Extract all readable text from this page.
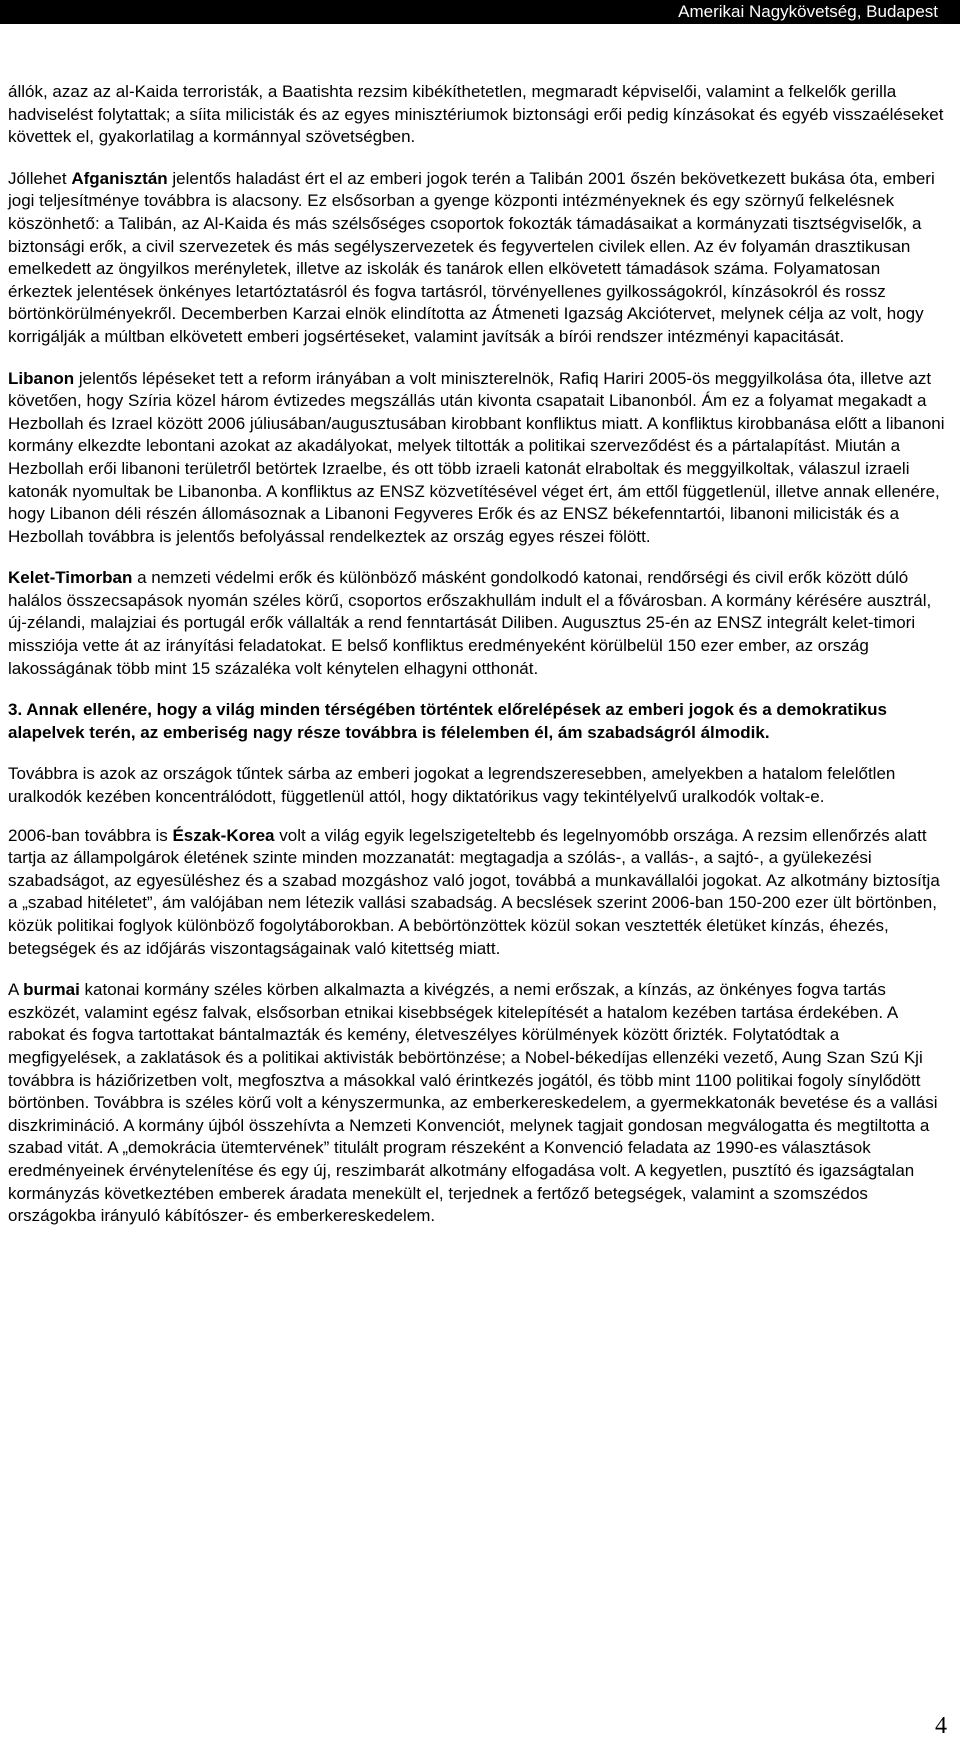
Amerikai Nagykövetség, Budapest

állók, azaz az al-Kaida terroristák, a Baatishta rezsim kibékíthetetlen, megmaradt képviselői, valamint a felkelők gerilla hadviselést folytattak; a síita milicisták és az egyes minisztériumok biztonsági erői pedig kínzásokat és egyéb visszaéléseket követtek el, gyakorlatilag a kormánnyal szövetségben.

Jóllehet Afganisztán jelentős haladást ért el az emberi jogok terén a Talibán 2001 őszén bekövetkezett bukása óta, emberi jogi teljesítménye továbbra is alacsony. Ez elsősorban a gyenge központi intézményeknek és egy szörnyű felkelésnek köszönhető: a Talibán, az Al-Kaida és más szélsőséges csoportok fokozták támadásaikat a kormányzati tisztségviselők, a biztonsági erők, a civil szervezetek és más segélyszervezetek és fegyvertelen civilek ellen. Az év folyamán drasztikusan emelkedett az öngyilkos merényletek, illetve az iskolák és tanárok ellen elkövetett támadások száma. Folyamatosan érkeztek jelentések önkényes letartóztatásról és fogva tartásról, törvényellenes gyilkosságokról, kínzásokról és rossz börtönkörülményekről. Decemberben Karzai elnök elindította az Átmeneti Igazság Akciótervet, melynek célja az volt, hogy korrigálják a múltban elkövetett emberi jogsértéseket, valamint javítsák a bírói rendszer intézményi kapacitását.

Libanon jelentős lépéseket tett a reform irányában a volt miniszterelnök, Rafiq Hariri 2005-ös meggyilkolása óta, illetve azt követően, hogy Szíria közel három évtizedes megszállás után kivonta csapatait Libanonból. Ám ez a folyamat megakadt a Hezbollah és Izrael között 2006 júliusában/augusztusában kirobbant konfliktus miatt. A konfliktus kirobbanása előtt a libanoni kormány elkezdte lebontani azokat az akadályokat, melyek tiltották a politikai szerveződést és a pártalapítást. Miután a Hezbollah erői libanoni területről betörtek Izraelbe, és ott több izraeli katonát elraboltak és meggyilkoltak, válaszul izraeli katonák nyomultak be Libanonba. A konfliktus az ENSZ közvetítésével véget ért, ám ettől függetlenül, illetve annak ellenére, hogy Libanon déli részén állomásoznak a Libanoni Fegyveres Erők és az ENSZ békefenntartói, libanoni milicisták és a Hezbollah továbbra is jelentős befolyással rendelkeztek az ország egyes részei fölött.

Kelet-Timorban a nemzeti védelmi erők és különböző másként gondolkodó katonai, rendőrségi és civil erők között dúló halálos összecsapások nyomán széles körű, csoportos erőszakhullám indult el a fővárosban. A kormány kérésére ausztrál, új-zélandi, malajziai és portugál erők vállalták a rend fenntartását Diliben. Augusztus 25-én az ENSZ integrált kelet-timori missziója vette át az irányítási feladatokat. E belső konfliktus eredményeként körülbelül 150 ezer ember, az ország lakosságának több mint 15 százaléka volt kénytelen elhagyni otthonát.

3. Annak ellenére, hogy a világ minden térségében történtek előrelépések az emberi jogok és a demokratikus alapelvek terén, az emberiség nagy része továbbra is félelemben él, ám szabadságról álmodik.

Továbbra is azok az országok tűntek sárba az emberi jogokat a legrendszeresebben, amelyekben a hatalom felelőtlen uralkodók kezében koncentrálódott, függetlenül attól, hogy diktatórikus vagy tekintélyelvű uralkodók voltak-e.

2006-ban továbbra is Észak-Korea volt a világ egyik legelszigeteltebb és legelnyomóbb országa. A rezsim ellenőrzés alatt tartja az állampolgárok életének szinte minden mozzanatát: megtagadja a szólás-, a vallás-, a sajtó-, a gyülekezési szabadságot, az egyesüléshez és a szabad mozgáshoz való jogot, továbbá a munkavállalói jogokat. Az alkotmány biztosítja a „szabad hitéletet”, ám valójában nem létezik vallási szabadság. A becslések szerint 2006-ban 150-200 ezer ült börtönben, közük politikai foglyok különböző fogolytáborokban. A bebörtönzöttek közül sokan vesztették életüket kínzás, éhezés, betegségek és az időjárás viszontagságainak való kitettség miatt.

A burmai katonai kormány széles körben alkalmazta a kivégzés, a nemi erőszak, a kínzás, az önkényes fogva tartás eszközét, valamint egész falvak, elsősorban etnikai kisebbségek kitelepítését a hatalom kezében tartása érdekében. A rabokat és fogva tartottakat bántalmazták és kemény, életveszélyes körülmények között őrizték. Folytatódtak a megfigyelések, a zaklatások és a politikai aktivisták bebörtönzése; a Nobel-békedíjas ellenzéki vezető, Aung Szan Szú Kji továbbra is háziőrizetben volt, megfosztva a másokkal való érintkezés jogától, és több mint 1100 politikai fogoly sínylődött börtönben. Továbbra is széles körű volt a kényszermunka, az emberkereskedelem, a gyermekkatonák bevetése és a vallási diszkrimináció. A kormány újból összehívta a Nemzeti Konvenciót, melynek tagjait gondosan megválogatta és megtiltotta a szabad vitát. A „demokrácia ütemtervének” titulált program részeként a Konvenció feladata az 1990-es választások eredményeinek érvénytelenítése és egy új, reszimbarát alkotmány elfogadása volt. A kegyetlen, pusztító és igazságtalan kormányzás következtében emberek áradata menekült el, terjednek a fertőző betegségek, valamint a szomszédos országokba irányuló kábítószer- és emberkereskedelem.

4
